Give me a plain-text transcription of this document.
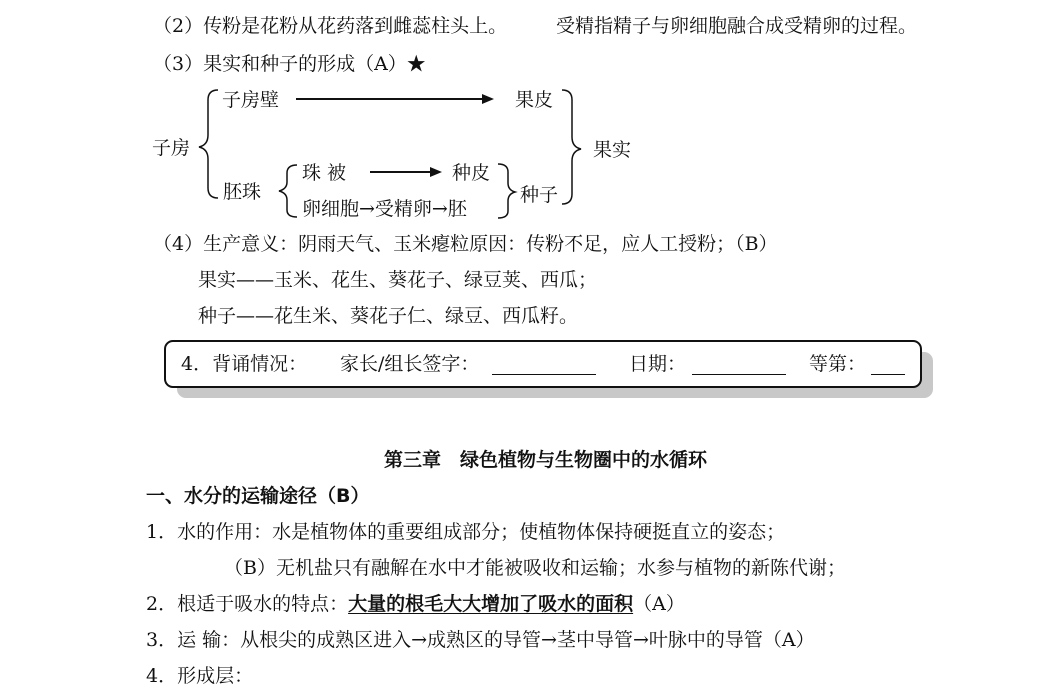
（2）传粉是花粉从花药落到雌蕊柱头上。	受精指精子与卵细胞融合成受精卵的过程。
（3）果实和种子的形成（A）★
子房壁	果皮
子房	果实
胚珠
珠 被	种皮
卵细胞→受精卵→胚
种子
（4）生产意义：阴雨天气、玉米瘪粒原因：传粉不足，应人工授粉；（B）
果实——玉米、花生、葵花子、绿豆荚、西瓜；
种子——花生米、葵花子仁、绿豆、西瓜籽。
4．背诵情况： 家长/组长签字：	日期：	等第：
第三章　绿色植物与生物圈中的水循环
一、水分的运输途径（B）
1．水的作用：水是植物体的重要组成部分；使植物体保持硬挺直立的姿态；
（B）无机盐只有融解在水中才能被吸收和运输；水参与植物的新陈代谢；
2．根适于吸水的特点：大量的根毛大大增加了吸水的面积（A）
3．运 输：从根尖的成熟区进入→成熟区的导管→茎中导管→叶脉中的导管（A）
4．形成层：
